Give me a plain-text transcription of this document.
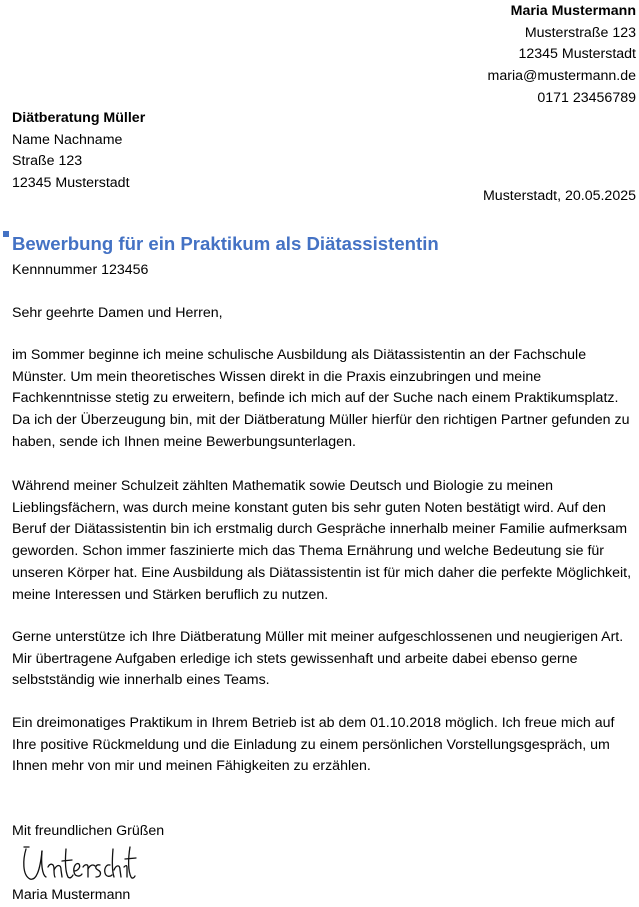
Maria Mustermann
Musterstraße 123
12345 Musterstadt
maria@mustermann.de
0171 23456789
Diätberatung Müller
Name Nachname
Straße 123
12345 Musterstadt
Musterstadt, 20.05.2025
Bewerbung für ein Praktikum als Diätassistentin
Kennnummer 123456
Sehr geehrte Damen und Herren,

im Sommer beginne ich meine schulische Ausbildung als Diätassistentin an der Fachschule Münster. Um mein theoretisches Wissen direkt in die Praxis einzubringen und meine Fachkenntnisse stetig zu erweitern, befinde ich mich auf der Suche nach einem Praktikumsplatz. Da ich der Überzeugung bin, mit der Diätberatung Müller hierfür den richtigen Partner gefunden zu haben, sende ich Ihnen meine Bewerbungsunterlagen.

Während meiner Schulzeit zählten Mathematik sowie Deutsch und Biologie zu meinen Lieblingsfächern, was durch meine konstant guten bis sehr guten Noten bestätigt wird. Auf den Beruf der Diätassistentin bin ich erstmalig durch Gespräche innerhalb meiner Familie aufmerksam geworden. Schon immer faszinierte mich das Thema Ernährung und welche Bedeutung sie für unseren Körper hat. Eine Ausbildung als Diätassistentin ist für mich daher die perfekte Möglichkeit, meine Interessen und Stärken beruflich zu nutzen.

Gerne unterstütze ich Ihre Diätberatung Müller mit meiner aufgeschlossenen und neugierigen Art. Mir übertragene Aufgaben erledige ich stets gewissenhaft und arbeite dabei ebenso gerne selbstständig wie innerhalb eines Teams.

Ein dreimonatiges Praktikum in Ihrem Betrieb ist ab dem 01.10.2018 möglich. Ich freue mich auf Ihre positive Rückmeldung und die Einladung zu einem persönlichen Vorstellungsgespräch, um Ihnen mehr von mir und meinen Fähigkeiten zu erzählen.

Mit freundlichen Grüßen
Maria Mustermann
